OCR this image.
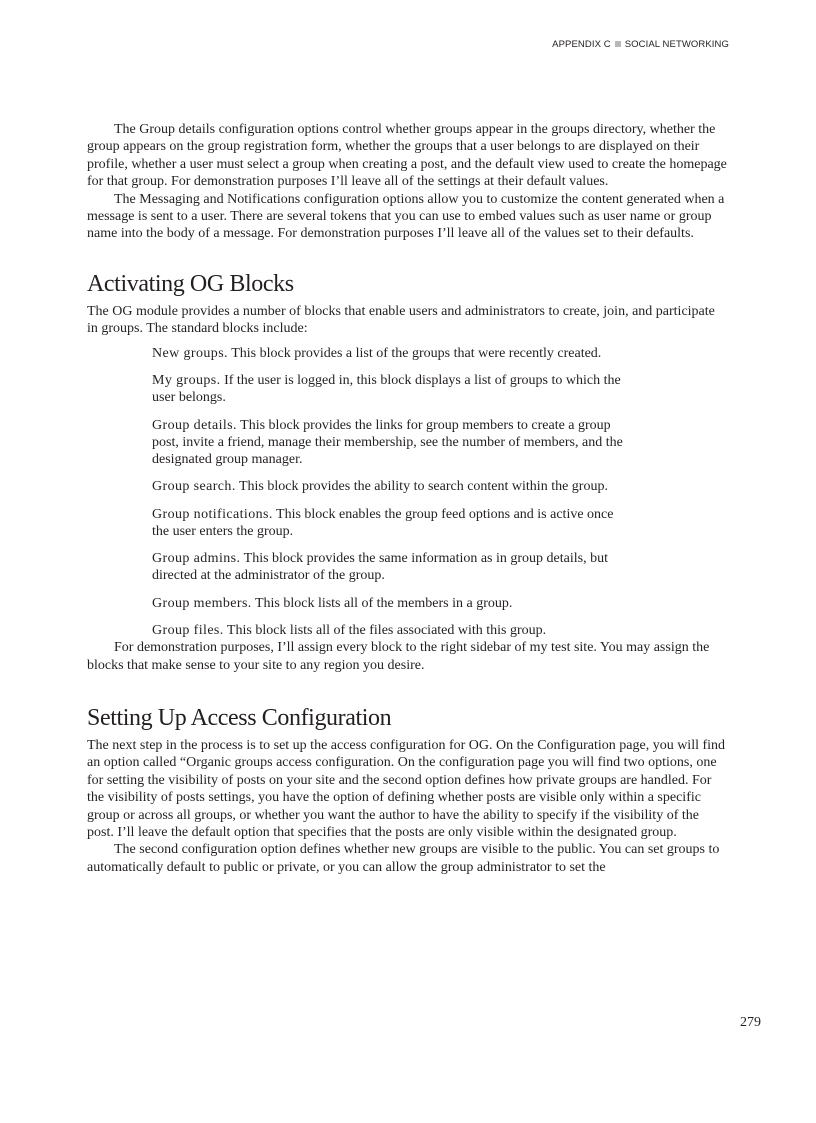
APPENDIX C SOCIAL NETWORKING

The Group details configuration options control whether groups appear in the groups directory, whether the group appears on the group registration form, whether the groups that a user belongs to are displayed on their profile, whether a user must select a group when creating a post, and the default view used to create the homepage for that group. For demonstration purposes I’ll leave all of the settings at their default values.

The Messaging and Notifications configuration options allow you to customize the content generated when a message is sent to a user. There are several tokens that you can use to embed values such as user name or group name into the body of a message. For demonstration purposes I’ll leave all of the values set to their defaults.

Activating OG Blocks

The OG module provides a number of blocks that enable users and administrators to create, join, and participate in groups. The standard blocks include:

New groups. This block provides a list of the groups that were recently created.
My groups. If the user is logged in, this block displays a list of groups to which the user belongs.
Group details. This block provides the links for group members to create a group post, invite a friend, manage their membership, see the number of members, and the designated group manager.
Group search. This block provides the ability to search content within the group.
Group notifications. This block enables the group feed options and is active once the user enters the group.
Group admins. This block provides the same information as in group details, but directed at the administrator of the group.
Group members. This block lists all of the members in a group.
Group files. This block lists all of the files associated with this group.

For demonstration purposes, I’ll assign every block to the right sidebar of my test site. You may assign the blocks that make sense to your site to any region you desire.

Setting Up Access Configuration

The next step in the process is to set up the access configuration for OG. On the Configuration page, you will find an option called “Organic groups access configuration. On the configuration page you will find two options, one for setting the visibility of posts on your site and the second option defines how private groups are handled. For the visibility of posts settings, you have the option of defining whether posts are visible only within a specific group or across all groups, or whether you want the author to have the ability to specify if the visibility of the post. I’ll leave the default option that specifies that the posts are only visible within the designated group.

The second configuration option defines whether new groups are visible to the public. You can set groups to automatically default to public or private, or you can allow the group administrator to set the

279
